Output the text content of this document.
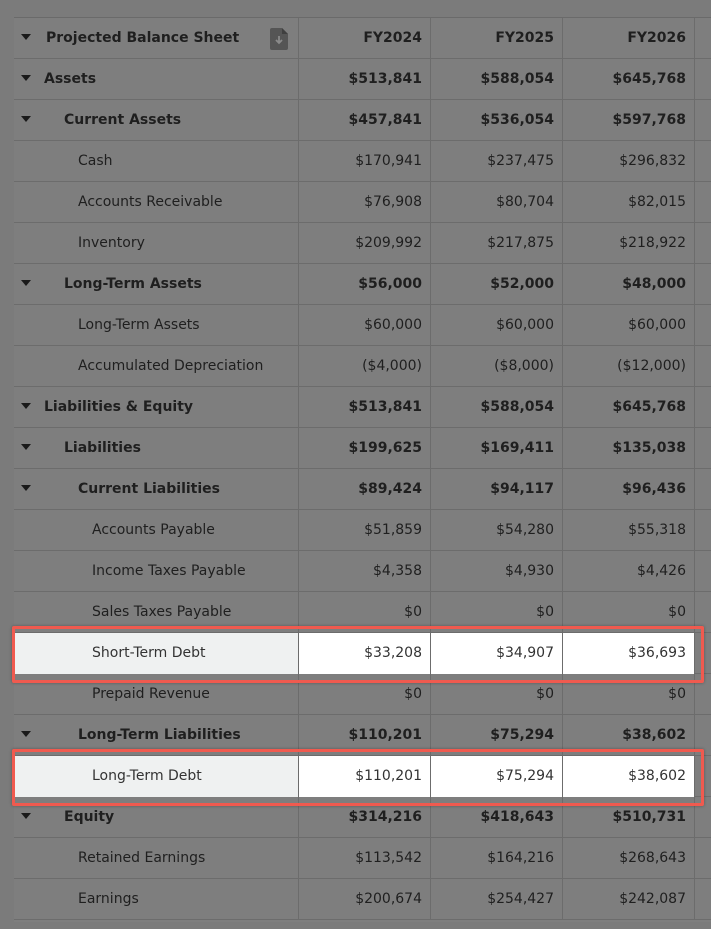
Projected Balance Sheet	FY2024	FY2025	FY2026
Assets	$513,841	$588,054	$645,768
Current Assets	$457,841	$536,054	$597,768
Cash	$170,941	$237,475	$296,832
Accounts Receivable	$76,908	$80,704	$82,015
Inventory	$209,992	$217,875	$218,922
Long-Term Assets	$56,000	$52,000	$48,000
Long-Term Assets	$60,000	$60,000	$60,000
Accumulated Depreciation	($4,000)	($8,000)	($12,000)
Liabilities & Equity	$513,841	$588,054	$645,768
Liabilities	$199,625	$169,411	$135,038
Current Liabilities	$89,424	$94,117	$96,436
Accounts Payable	$51,859	$54,280	$55,318
Income Taxes Payable	$4,358	$4,930	$4,426
Sales Taxes Payable	$0	$0	$0
Short-Term Debt	$33,208	$34,907	$36,693
Prepaid Revenue	$0	$0	$0
Long-Term Liabilities	$110,201	$75,294	$38,602
Long-Term Debt	$110,201	$75,294	$38,602
Equity	$314,216	$418,643	$510,731
Retained Earnings	$113,542	$164,216	$268,643
Earnings	$200,674	$254,427	$242,087
